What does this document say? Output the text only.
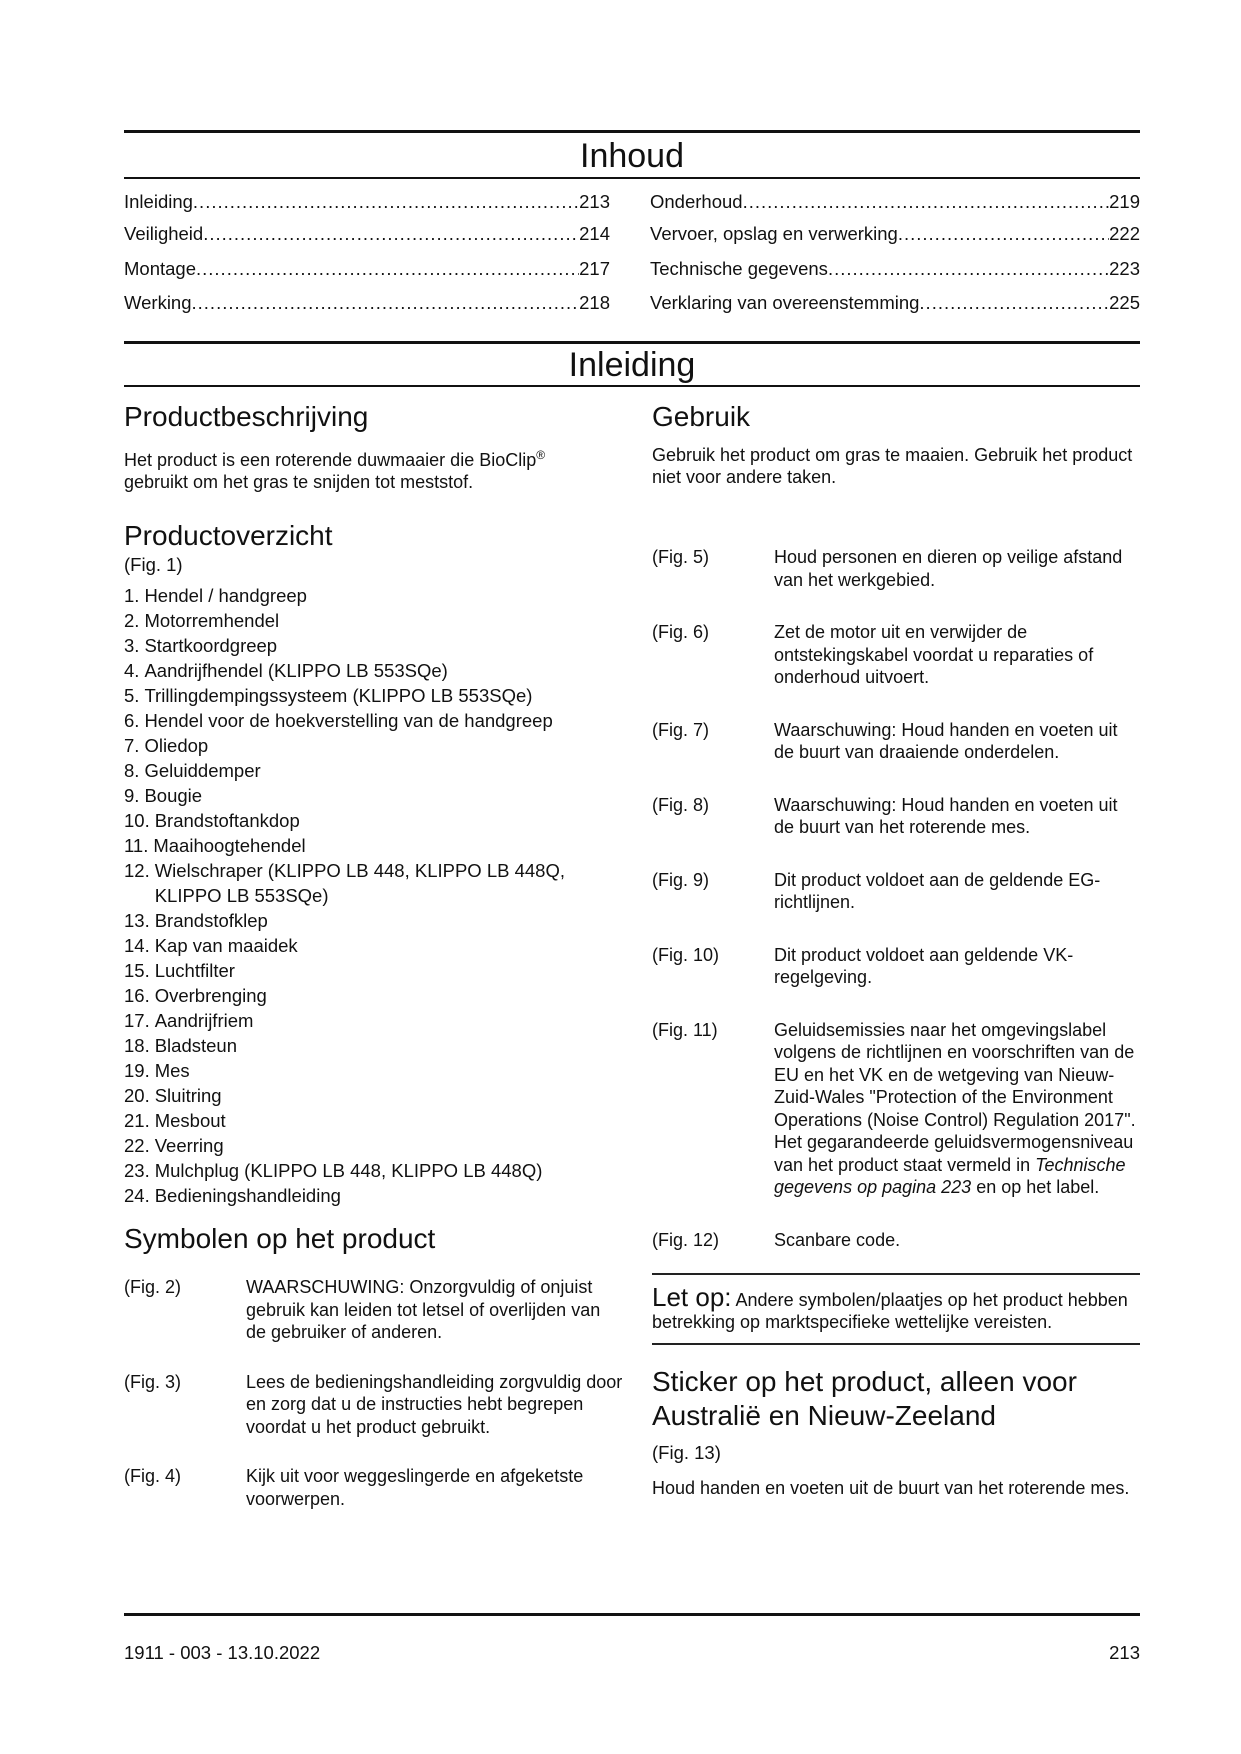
Inhoud
Inleiding .....	213
Veiligheid .....	214
Montage .....	217
Werking .....	218
Onderhoud .....	219
Vervoer, opslag en verwerking .....	222
Technische gegevens .....	223
Verklaring van overeenstemming .....	225
Inleiding
Productbeschrijving

Het product is een roterende duwmaaier die BioClip®
gebruikt om het gras te snijden tot meststof.

Productoverzicht

(Fig. 1)

1. Hendel / handgreep
2. Motorremhendel
3. Startkoordgreep
4. Aandrijfhendel (KLIPPO LB 553SQe)
5. Trillingdempingssysteem (KLIPPO LB 553SQe)
6. Hendel voor de hoekverstelling van de handgreep
7. Oliedop
8. Geluiddemper
9. Bougie
10. Brandstoftankdop
11. Maaihoogtehendel
12. Wielschraper (KLIPPO LB 448, KLIPPO LB 448Q, KLIPPO LB 553SQe)
13. Brandstofklep
14. Kap van maaidek
15. Luchtfilter
16. Overbrenging
17. Aandrijfriem
18. Bladsteun
19. Mes
20. Sluitring
21. Mesbout
22. Veerring
23. Mulchplug (KLIPPO LB 448, KLIPPO LB 448Q)
24. Bedieningshandleiding
Symbolen op het product
(Fig. 2)	WAARSCHUWING: Onzorgvuldig of onjuist gebruik kan leiden tot letsel of overlijden van de gebruiker of anderen.
(Fig. 3)	Lees de bedieningshandleiding zorgvuldig door en zorg dat u de instructies hebt begrepen voordat u het product gebruikt.
(Fig. 4)	Kijk uit voor weggeslingerde en afgeketste voorwerpen.
Gebruik

Gebruik het product om gras te maaien. Gebruik het product niet voor andere taken.

(Fig. 5)	Houd personen en dieren op veilige afstand van het werkgebied.
(Fig. 6)	Zet de motor uit en verwijder de ontstekingskabel voordat u reparaties of onderhoud uitvoert.
(Fig. 7)	Waarschuwing: Houd handen en voeten uit de buurt van draaiende onderdelen.
(Fig. 8)	Waarschuwing: Houd handen en voeten uit de buurt van het roterende mes.
(Fig. 9)	Dit product voldoet aan de geldende EG-richtlijnen.
(Fig. 10)	Dit product voldoet aan geldende VK-regelgeving.
(Fig. 11)	Geluidsemissies naar het omgevingslabel volgens de richtlijnen en voorschriften van de EU en het VK en de wetgeving van Nieuw-Zuid-Wales "Protection of the Environment Operations (Noise Control) Regulation 2017". Het gegarandeerde geluidsvermogensniveau van het product staat vermeld in Technische gegevens op pagina 223 en op het label.
(Fig. 12)	Scanbare code.

Let op: Andere symbolen/plaatjes op het product hebben betrekking op marktspecifieke wettelijke vereisten.

Sticker op het product, alleen voor Australië en Nieuw-Zeeland

(Fig. 13)

Houd handen en voeten uit de buurt van het roterende mes.

1911 - 003 - 13.10.2022	213
